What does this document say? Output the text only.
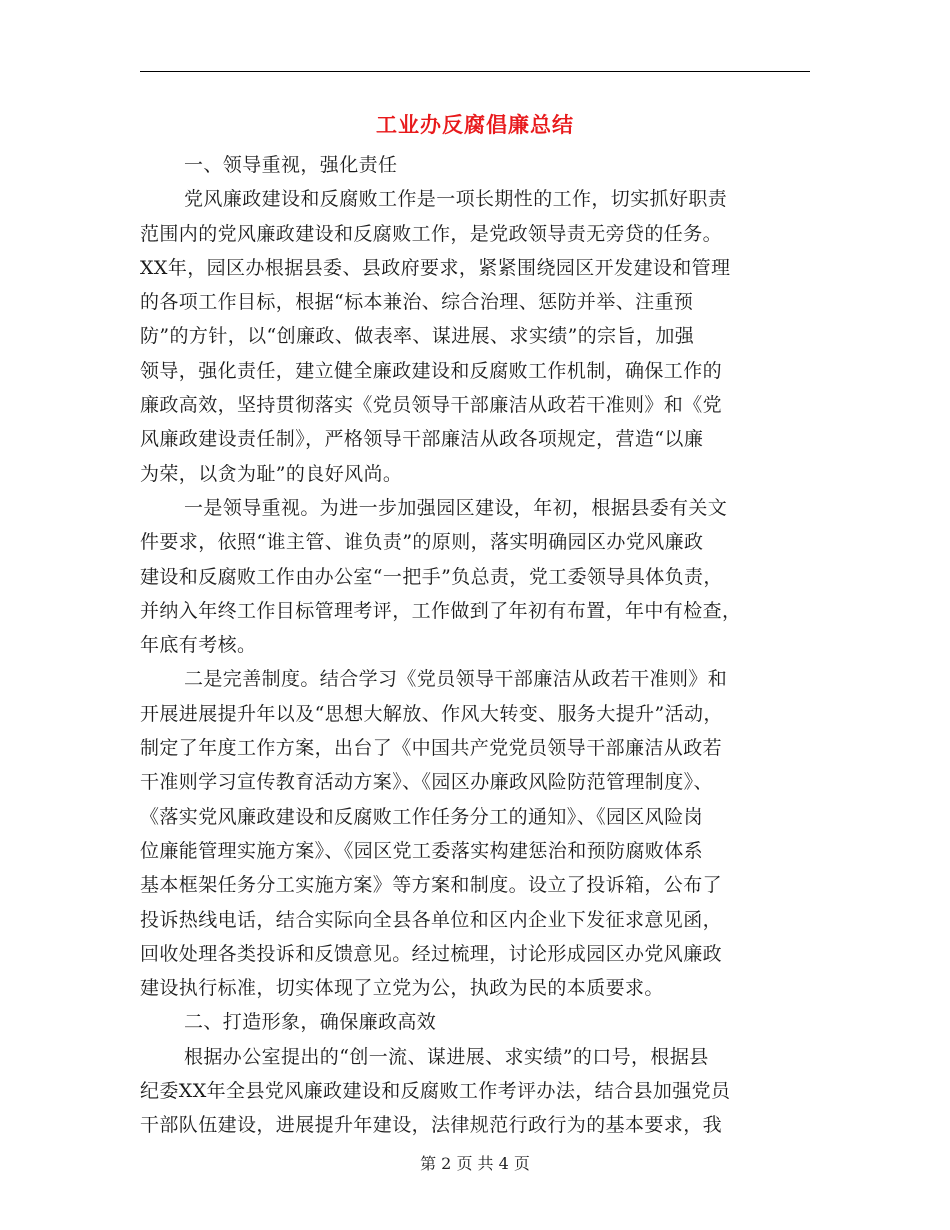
工业办反腐倡廉总结
一、领导重视，强化责任
党风廉政建设和反腐败工作是一项长期性的工作，切实抓好职责
范围内的党风廉政建设和反腐败工作，是党政领导责无旁贷的任务。
XX年，园区办根据县委、县政府要求，紧紧围绕园区开发建设和管理
的各项工作目标，根据“标本兼治、综合治理、惩防并举、注重预
防”的方针，以“创廉政、做表率、谋进展、求实绩”的宗旨，加强
领导，强化责任，建立健全廉政建设和反腐败工作机制，确保工作的
廉政高效，坚持贯彻落实《党员领导干部廉洁从政若干准则》和《党
风廉政建设责任制》，严格领导干部廉洁从政各项规定，营造“以廉
为荣，以贪为耻”的良好风尚。
一是领导重视。为进一步加强园区建设，年初，根据县委有关文
件要求，依照“谁主管、谁负责”的原则，落实明确园区办党风廉政
建设和反腐败工作由办公室“一把手”负总责，党工委领导具体负责，
并纳入年终工作目标管理考评，工作做到了年初有布置，年中有检查，
年底有考核。
二是完善制度。结合学习《党员领导干部廉洁从政若干准则》和
开展进展提升年以及“思想大解放、作风大转变、服务大提升”活动，
制定了年度工作方案，出台了《中国共产党党员领导干部廉洁从政若
干准则学习宣传教育活动方案》、《园区办廉政风险防范管理制度》、
《落实党风廉政建设和反腐败工作任务分工的通知》、《园区风险岗
位廉能管理实施方案》、《园区党工委落实构建惩治和预防腐败体系
基本框架任务分工实施方案》等方案和制度。设立了投诉箱，公布了
投诉热线电话，结合实际向全县各单位和区内企业下发征求意见函，
回收处理各类投诉和反馈意见。经过梳理，讨论形成园区办党风廉政
建设执行标准，切实体现了立党为公，执政为民的本质要求。
二、打造形象，确保廉政高效
根据办公室提出的“创一流、谋进展、求实绩”的口号，根据县
纪委XX年全县党风廉政建设和反腐败工作考评办法，结合县加强党员
干部队伍建设，进展提升年建设，法律规范行政行为的基本要求，我
第 2 页 共 4 页
